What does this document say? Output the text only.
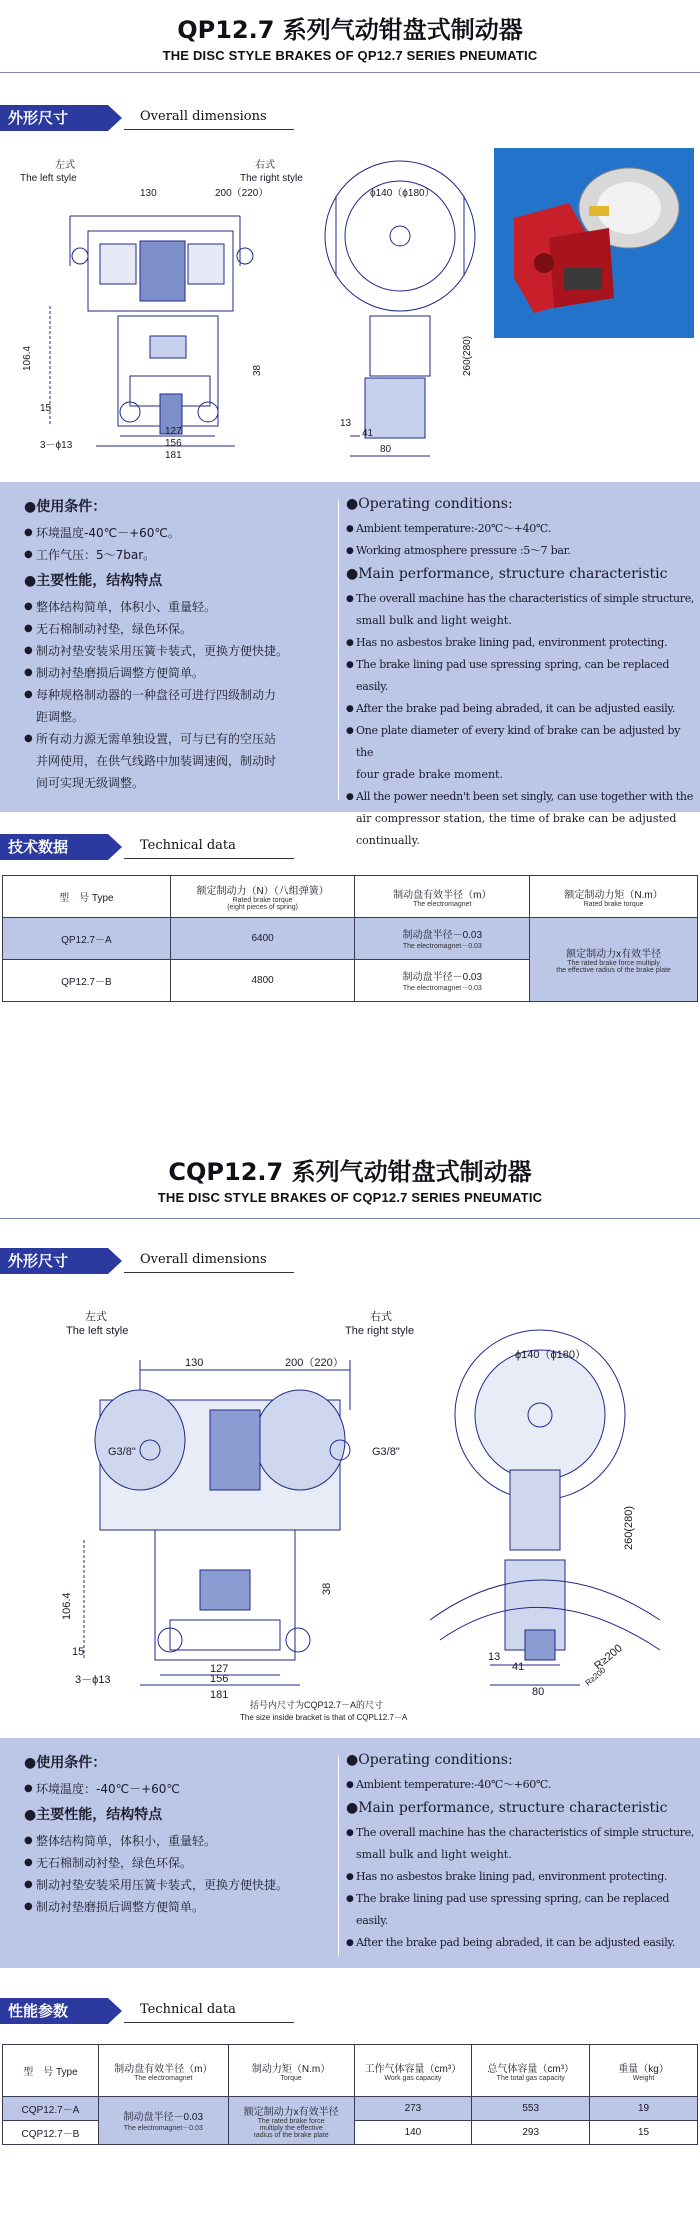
QP12.7 系列气动钳盘式制动器
THE DISC STYLE BRAKES OF QP12.7 SERIES PNEUMATIC
外形尺寸	Overall dimensions
左式
The left style
右式
The right style
130	200（220）	ϕ140（ϕ180）
106.4	38
15
127
156
181
3－ϕ13
260(280)
13
41
80
●使用条件：
● 环境温度-40℃－+60℃。
● 工作气压：5～7bar。
●主要性能，结构特点
● 整体结构简单，体积小、重量轻。
● 无石棉制动衬垫，绿色环保。
● 制动衬垫安装采用压簧卡装式，更换方便快捷。
● 制动衬垫磨损后调整方便简单。
● 每种规格制动器的一种盘径可进行四级制动力
距调整。
● 所有动力源无需单独设置，可与已有的空压站
并网使用，在供气线路中加装调速阀，制动时
间可实现无级调整。
●Operating conditions:
● Ambient temperature:-20℃～+40℃.
● Working atmosphere pressure :5～7 bar.
●Main performance, structure characteristic
● The overall machine has the characteristics of simple structure,
small bulk and light weight.
● Has no asbestos brake lining pad, environment protecting.
● The brake lining pad use spressing spring, can be replaced easily.
● After the brake pad being abraded, it can be adjusted easily.
● One plate diameter of every kind of brake can be adjusted by the
four grade brake moment.
● All the power needn't been set singly, can use together with the
air compressor station, the time of brake can be adjusted continually.
技术数据	Technical data
型　号 Type	额定制动力（N）（八组弹簧）
Rated brake torque
(eight pieces of spring)	制动盘有效半径（m）
The electromagnet	额定制动力矩（N.m）
Rated brake torque

QP12.7－A	6400	制动盘半径－0.03
The electromagnet－0.03	额定制动力x有效半径
The rated brake force multiply
the effective radius of the brake plate

QP12.7－B	4800	制动盘半径－0.03
The electromagnet－0.03	
CQP12.7 系列气动钳盘式制动器
THE DISC STYLE BRAKES OF CQP12.7 SERIES PNEUMATIC
外形尺寸	Overall dimensions
左式
The left style
右式
The right style
130	200（220）
ϕ140（ϕ180）
G3/8"	G3/8"
106.4
38
15
127
156
181
3－ϕ13
260(280)
13
41
80
R≥200
R≥200
括号内尺寸为CQP12.7－A的尺寸
The size inside bracket is that of CQPL12.7－A
●使用条件：
● 环境温度：-40℃－+60℃
●主要性能，结构特点
● 整体结构简单，体积小，重量轻。
● 无石棉制动衬垫，绿色环保。
● 制动衬垫安装采用压簧卡装式，更换方便快捷。
● 制动衬垫磨损后调整方便简单。
●Operating conditions:
● Ambient temperature:-40℃～+60℃.
●Main performance, structure characteristic
● The overall machine has the characteristics of simple structure,
small bulk and light weight.
● Has no asbestos brake lining pad, environment protecting.
● The brake lining pad use spressing spring, can be replaced easily.
● After the brake pad being abraded, it can be adjusted easily.
性能参数	Technical data
型　号 Type	制动盘有效半径（m）
The electromagnet	制动力矩（N.m）
Torque	工作气体容量（cm³）
Work gas capacity	总气体容量（cm³）
The total gas capacity	重量（kg）
Weight

CQP12.7－A	制动盘半径－0.03
The electromagnet－0.03	额定制动力x有效半径
The rated brake force
multiply the effective
radius of the brake plate	273	553	19
CQP12.7－B			140	293	15
